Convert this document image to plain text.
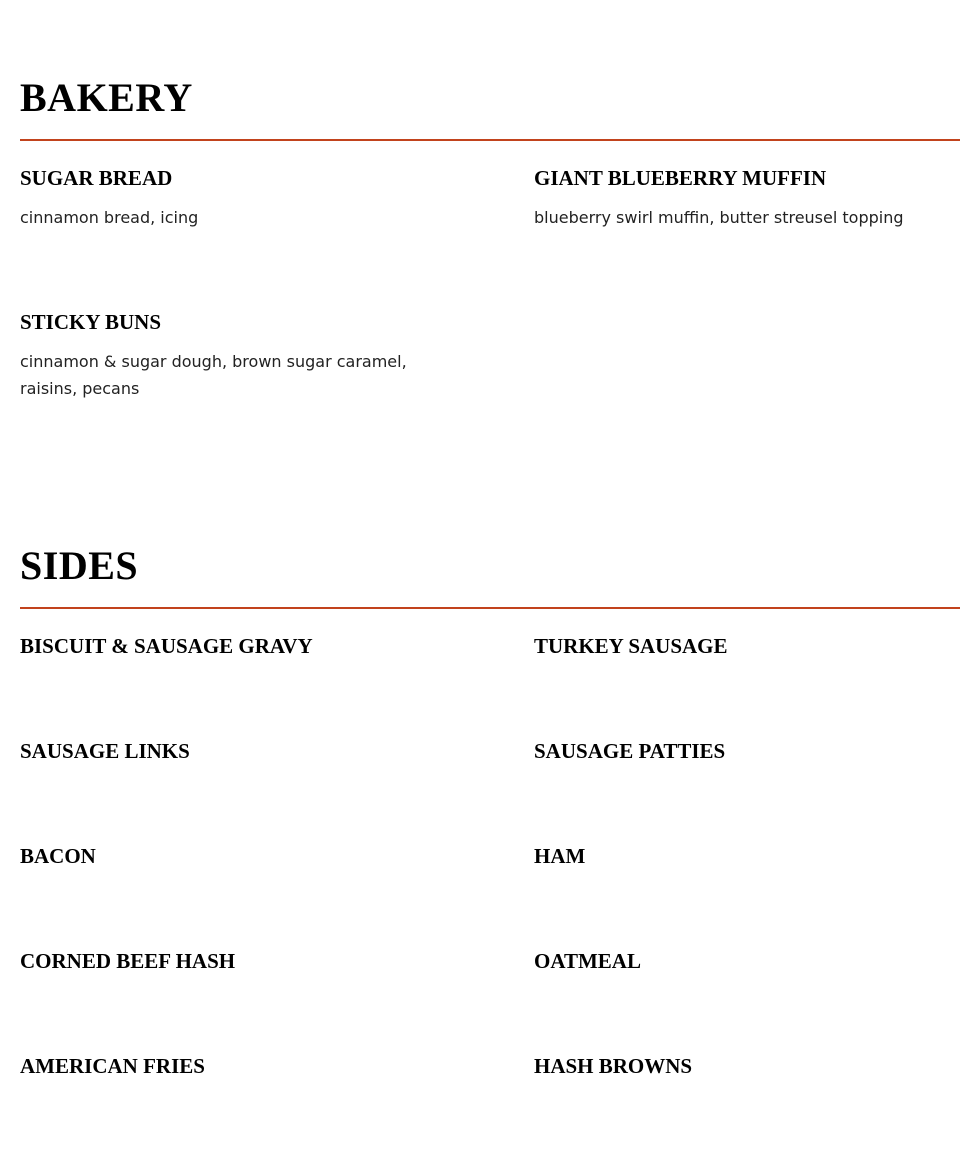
BAKERY
SUGAR BREAD

cinnamon bread, icing

GIANT BLUEBERRY MUFFIN

blueberry swirl muffin, butter streusel topping

STICKY BUNS

cinnamon & sugar dough, brown sugar caramel, raisins, pecans

SIDES
BISCUIT & SAUSAGE GRAVY	TURKEY SAUSAGE
SAUSAGE LINKS	SAUSAGE PATTIES
BACON	HAM
CORNED BEEF HASH	OATMEAL
AMERICAN FRIES	HASH BROWNS
